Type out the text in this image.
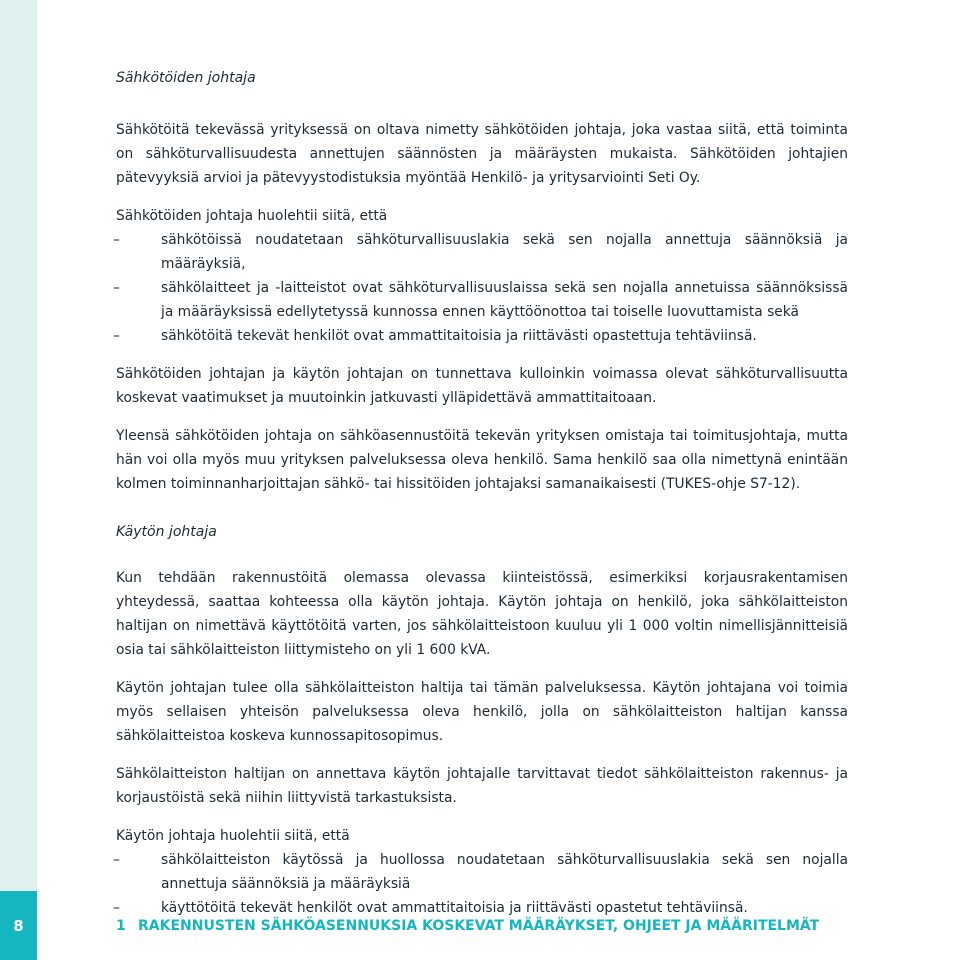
8
Sähkötöiden johtaja

Sähkötöitä tekevässä yrityksessä on oltava nimetty sähkötöiden johtaja, joka vastaa siitä, että toiminta on sähköturvallisuudesta annettujen säännösten ja määräysten mukaista. Sähkötöiden johtajien pätevyyksiä arvioi ja pätevyystodistuksia myöntää Henkilö- ja yritysarviointi Seti Oy.

Sähkötöiden johtaja huolehtii siitä, että

–	sähkötöissä noudatetaan sähköturvallisuuslakia sekä sen nojalla annettuja säännöksiä ja määräyksiä,
–	sähkölaitteet ja -laitteistot ovat sähköturvallisuuslaissa sekä sen nojalla annetuissa säännöksissä ja määräyksissä edellytetyssä kunnossa ennen käyttöönottoa tai toiselle luovuttamista sekä
–	sähkötöitä tekevät henkilöt ovat ammattitaitoisia ja riittävästi opastettuja tehtäviinsä.

Sähkötöiden johtajan ja käytön johtajan on tunnettava kulloinkin voimassa olevat sähköturvallisuutta koskevat vaatimukset ja muutoinkin jatkuvasti ylläpidettävä ammattitaitoaan.

Yleensä sähkötöiden johtaja on sähköasennustöitä tekevän yrityksen omistaja tai toimitusjohtaja, mutta hän voi olla myös muu yrityksen palveluksessa oleva henkilö. Sama henkilö saa olla nimettynä enintään kolmen toiminnanharjoittajan sähkö- tai hissitöiden johtajaksi samanaikaisesti (TUKES-ohje S7-12).

Käytön johtaja

Kun tehdään rakennustöitä olemassa olevassa kiinteistössä, esimerkiksi korjausrakentamisen yhteydessä, saattaa kohteessa olla käytön johtaja. Käytön johtaja on henkilö, joka sähkölaitteiston haltijan on nimettävä käyttötöitä varten, jos sähkölaitteistoon kuuluu yli 1 000 voltin nimellisjännitteisiä osia tai sähkölaitteiston liittymisteho on yli 1 600 kVA.

Käytön johtajan tulee olla sähkölaitteiston haltija tai tämän palveluksessa. Käytön johtajana voi toimia myös sellaisen yhteisön palveluksessa oleva henkilö, jolla on sähkölaitteiston haltijan kanssa sähkölaitteistoa koskeva kunnossapitosopimus.

Sähkölaitteiston haltijan on annettava käytön johtajalle tarvittavat tiedot sähkölaitteiston rakennus- ja korjaustöistä sekä niihin liittyvistä tarkastuksista.

Käytön johtaja huolehtii siitä, että

–	sähkölaitteiston käytössä ja huollossa noudatetaan sähköturvallisuuslakia sekä sen nojalla annettuja säännöksiä ja määräyksiä
–	käyttötöitä tekevät henkilöt ovat ammattitaitoisia ja riittävästi opastetut tehtäviinsä.
1 RAKENNUSTEN SÄHKÖASENNUKSIA KOSKEVAT MÄÄRÄYKSET, OHJEET JA MÄÄRITELMÄT
